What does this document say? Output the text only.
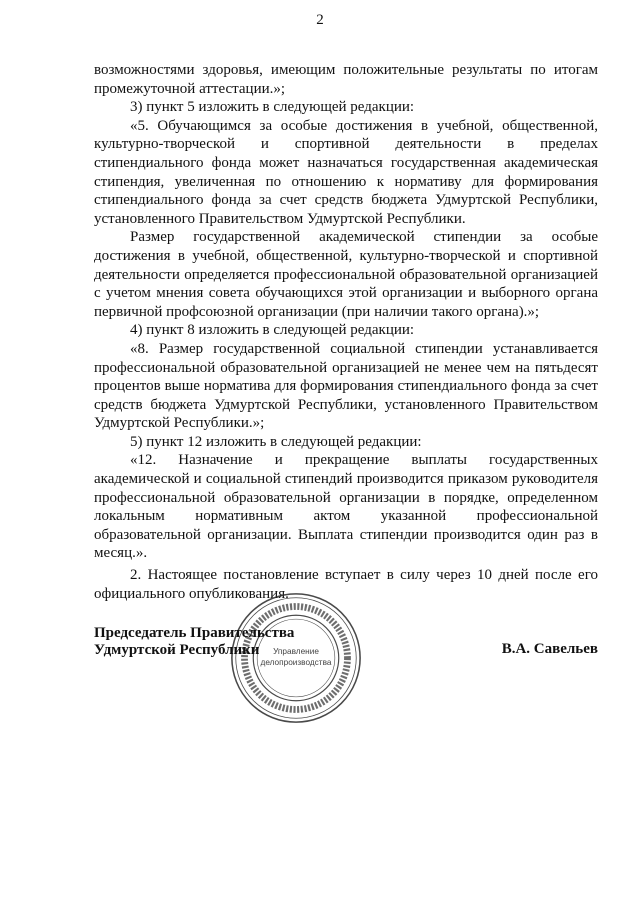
2

возможностями здоровья, имеющим положительные результаты по итогам промежуточной аттестации.»;

3) пункт 5 изложить в следующей редакции:

«5. Обучающимся за особые достижения в учебной, общественной, культурно-творческой и спортивной деятельности в пределах стипендиального фонда может назначаться государственная академическая стипендия, увеличенная по отношению к нормативу для формирования стипендиального фонда за счет средств бюджета Удмуртской Республики, установленного Правительством Удмуртской Республики.

Размер государственной академической стипендии за особые достижения в учебной, общественной, культурно-творческой и спортивной деятельности определяется профессиональной образовательной организацией с учетом мнения совета обучающихся этой организации и выборного органа первичной профсоюзной организации (при наличии такого органа).»;

4) пункт 8 изложить в следующей редакции:

«8. Размер государственной социальной стипендии устанавливается профессиональной образовательной организацией не менее чем на пятьдесят процентов выше норматива для формирования стипендиального фонда за счет средств бюджета Удмуртской Республики, установленного Правительством Удмуртской Республики.»;

5) пункт 12 изложить в следующей редакции:

«12. Назначение и прекращение выплаты государственных академической и социальной стипендий производится приказом руководителя профессиональной образовательной организации в порядке, определенном локальным нормативным актом указанной профессиональной образовательной организации. Выплата стипендии производится один раз в месяц.».

2. Настоящее постановление вступает в силу через 10 дней после его официального опубликования.

Управление
делопроизводства
Председатель Правительства
Удмуртской Республики	В.А. Савельев
